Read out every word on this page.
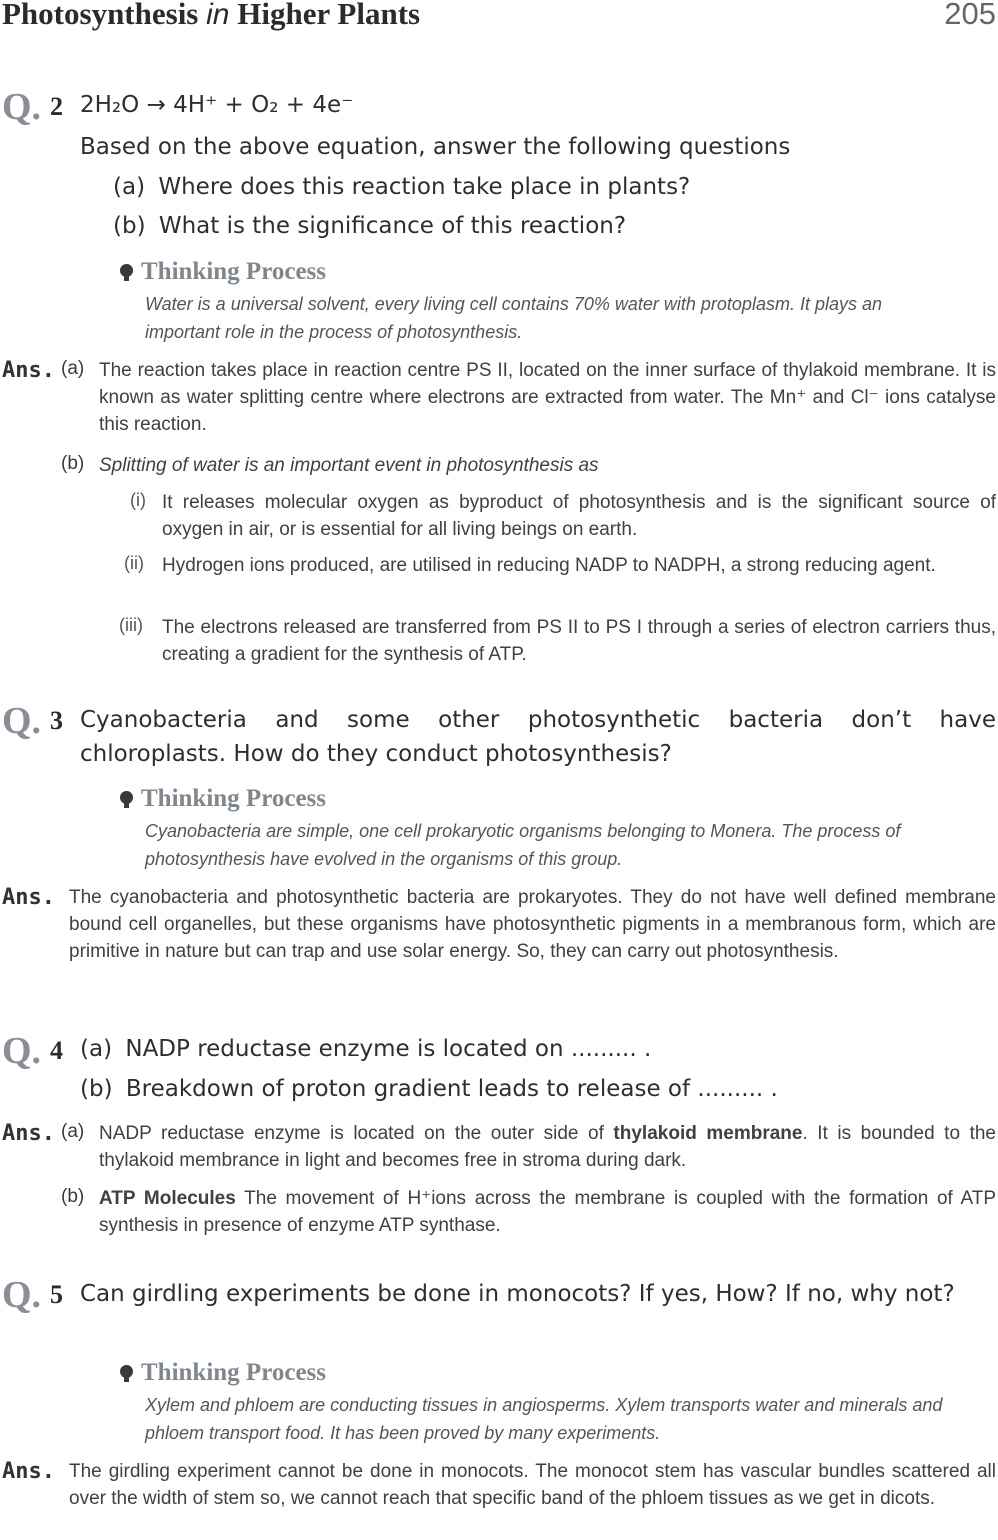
Photosynthesis in Higher Plants	205
Q. 2 2H₂O → 4H⁺ + O₂ + 4e⁻
Based on the above equation, answer the following questions
(a) Where does this reaction take place in plants?
(b) What is the significance of this reaction?
Thinking Process
Water is a universal solvent, every living cell contains 70% water with protoplasm. It plays an important role in the process of photosynthesis.
Ans. (a) The reaction takes place in reaction centre PS II, located on the inner surface of thylakoid membrane. It is known as water splitting centre where electrons are extracted from water. The Mn⁺ and Cl⁻ ions catalyse this reaction.
(b) Splitting of water is an important event in photosynthesis as
(i) It releases molecular oxygen as byproduct of photosynthesis and is the significant source of oxygen in air, or is essential for all living beings on earth.
(ii) Hydrogen ions produced, are utilised in reducing NADP to NADPH, a strong reducing agent.
(iii) The electrons released are transferred from PS II to PS I through a series of electron carriers thus, creating a gradient for the synthesis of ATP.
Q. 3 Cyanobacteria and some other photosynthetic bacteria don’t have chloroplasts. How do they conduct photosynthesis?
Thinking Process
Cyanobacteria are simple, one cell prokaryotic organisms belonging to Monera. The process of photosynthesis have evolved in the organisms of this group.
Ans. The cyanobacteria and photosynthetic bacteria are prokaryotes. They do not have well defined membrane bound cell organelles, but these organisms have photosynthetic pigments in a membranous form, which are primitive in nature but can trap and use solar energy. So, they can carry out photosynthesis.
Q. 4 (a) NADP reductase enzyme is located on ......... .
(b) Breakdown of proton gradient leads to release of ......... .
Ans. (a) NADP reductase enzyme is located on the outer side of thylakoid membrane. It is bounded to the thylakoid membrance in light and becomes free in stroma during dark.
(b) ATP Molecules The movement of H⁺ions across the membrane is coupled with the formation of ATP synthesis in presence of enzyme ATP synthase.
Q. 5 Can girdling experiments be done in monocots? If yes, How? If no, why not?
Thinking Process
Xylem and phloem are conducting tissues in angiosperms. Xylem transports water and minerals and phloem transport food. It has been proved by many experiments.
Ans. The girdling experiment cannot be done in monocots. The monocot stem has vascular bundles scattered all over the width of stem so, we cannot reach that specific band of the phloem tissues as we get in dicots.
